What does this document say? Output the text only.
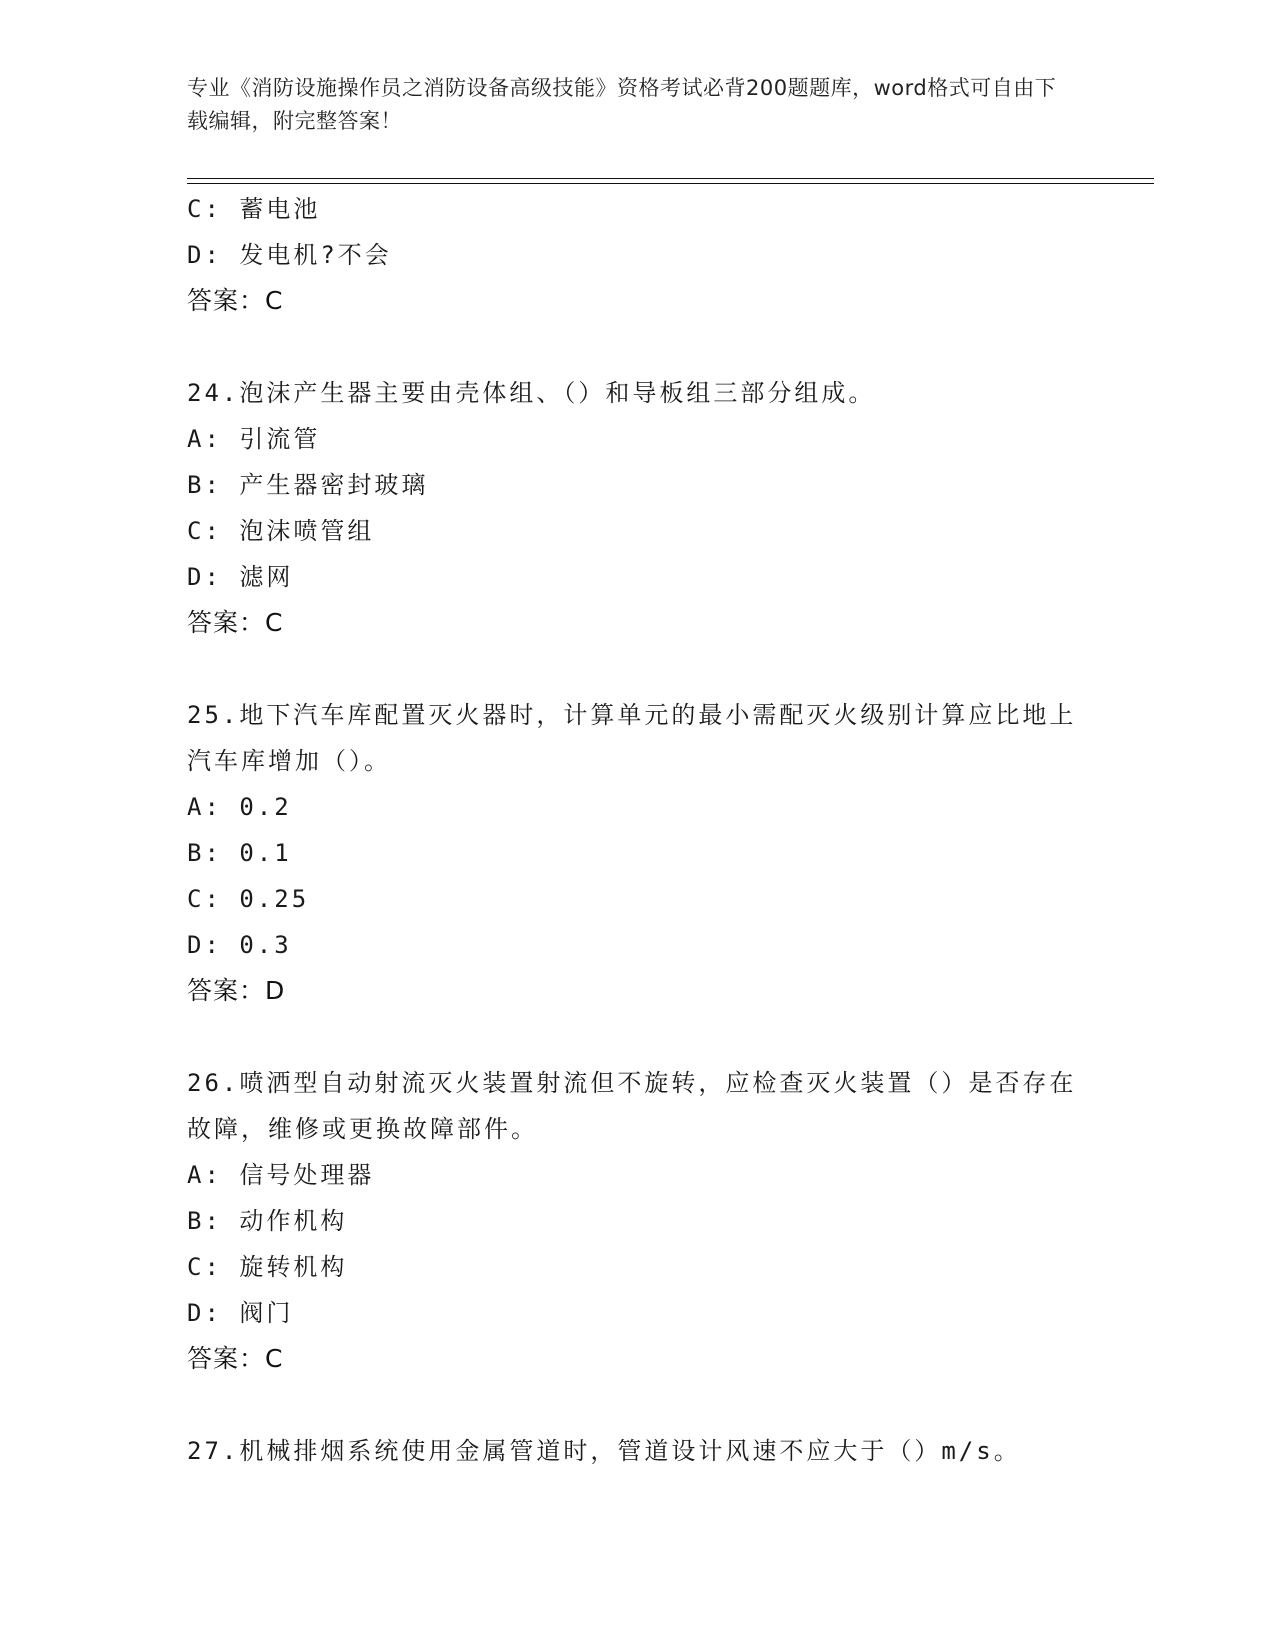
专业《消防设施操作员之消防设备高级技能》资格考试必背200题题库，word格式可自由下载编辑，附完整答案！
C: 蓄电池
D: 发电机?不会
答案：C
24.泡沫产生器主要由壳体组、（）和导板组三部分组成。
A: 引流管
B: 产生器密封玻璃
C: 泡沫喷管组
D: 滤网
答案：C
25.地下汽车库配置灭火器时，计算单元的最小需配灭火级别计算应比地上汽车库增加（）。
A: 0.2
B: 0.1
C: 0.25
D: 0.3
答案：D
26.喷洒型自动射流灭火装置射流但不旋转，应检查灭火装置（）是否存在故障，维修或更换故障部件。
A: 信号处理器
B: 动作机构
C: 旋转机构
D: 阀门
答案：C
27.机械排烟系统使用金属管道时，管道设计风速不应大于（）m/s。
